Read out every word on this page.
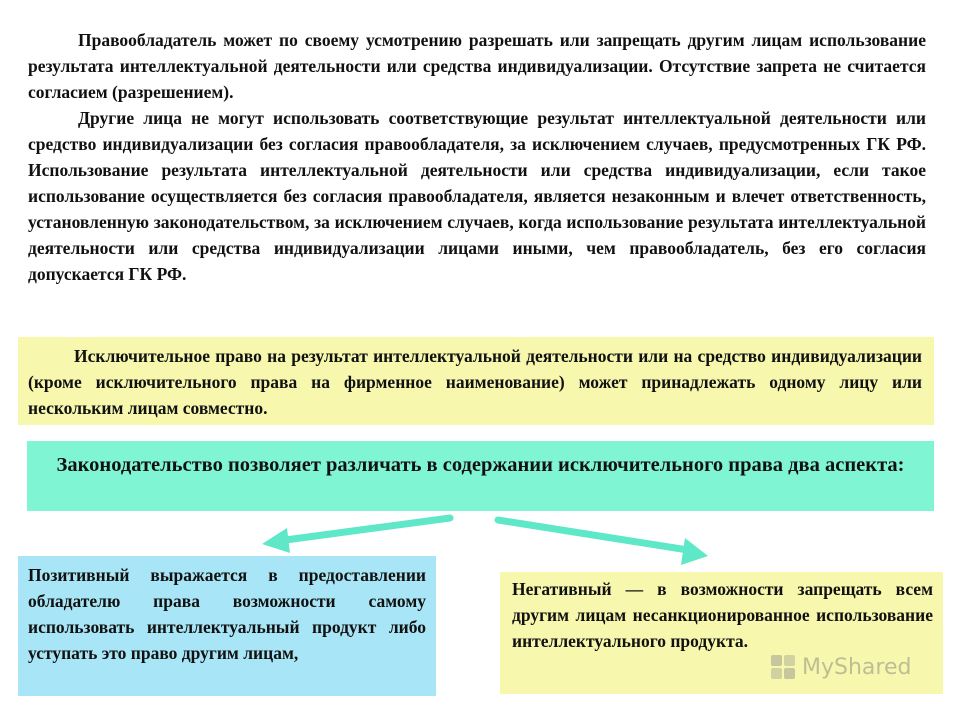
Правообладатель может по своему усмотрению разрешать или запрещать другим лицам использование результата интеллектуальной деятельности или средства индивидуализации. Отсутствие запрета не считается согласием (разрешением).

Другие лица не могут использовать соответствующие результат интеллектуальной деятельности или средство индивидуализации без согласия правообладателя, за исключением случаев, предусмотренных ГК РФ. Использование результата интеллектуальной деятельности или средства индивидуализации, если такое использование осуществляется без согласия правообладателя, является незаконным и влечет ответственность, установленную законодательством, за исключением случаев, когда использование результата интеллектуальной деятельности или средства индивидуализации лицами иными, чем правообладатель, без его согласия допускается ГК РФ.

Исключительное право на результат интеллектуальной деятельности или на средство индивидуализации (кроме исключительного права на фирменное наименование) может принадлежать одному лицу или нескольким лицам совместно.

Законодательство позволяет различать в содержании исключительного права два аспекта:

Позитивный выражается в предоставлении обладателю права возможности самому использовать интеллектуальный продукт либо уступать это право другим лицам,

Негативный — в возможности запрещать всем другим лицам несанкционированное использование интеллектуального продукта.

MyShared
